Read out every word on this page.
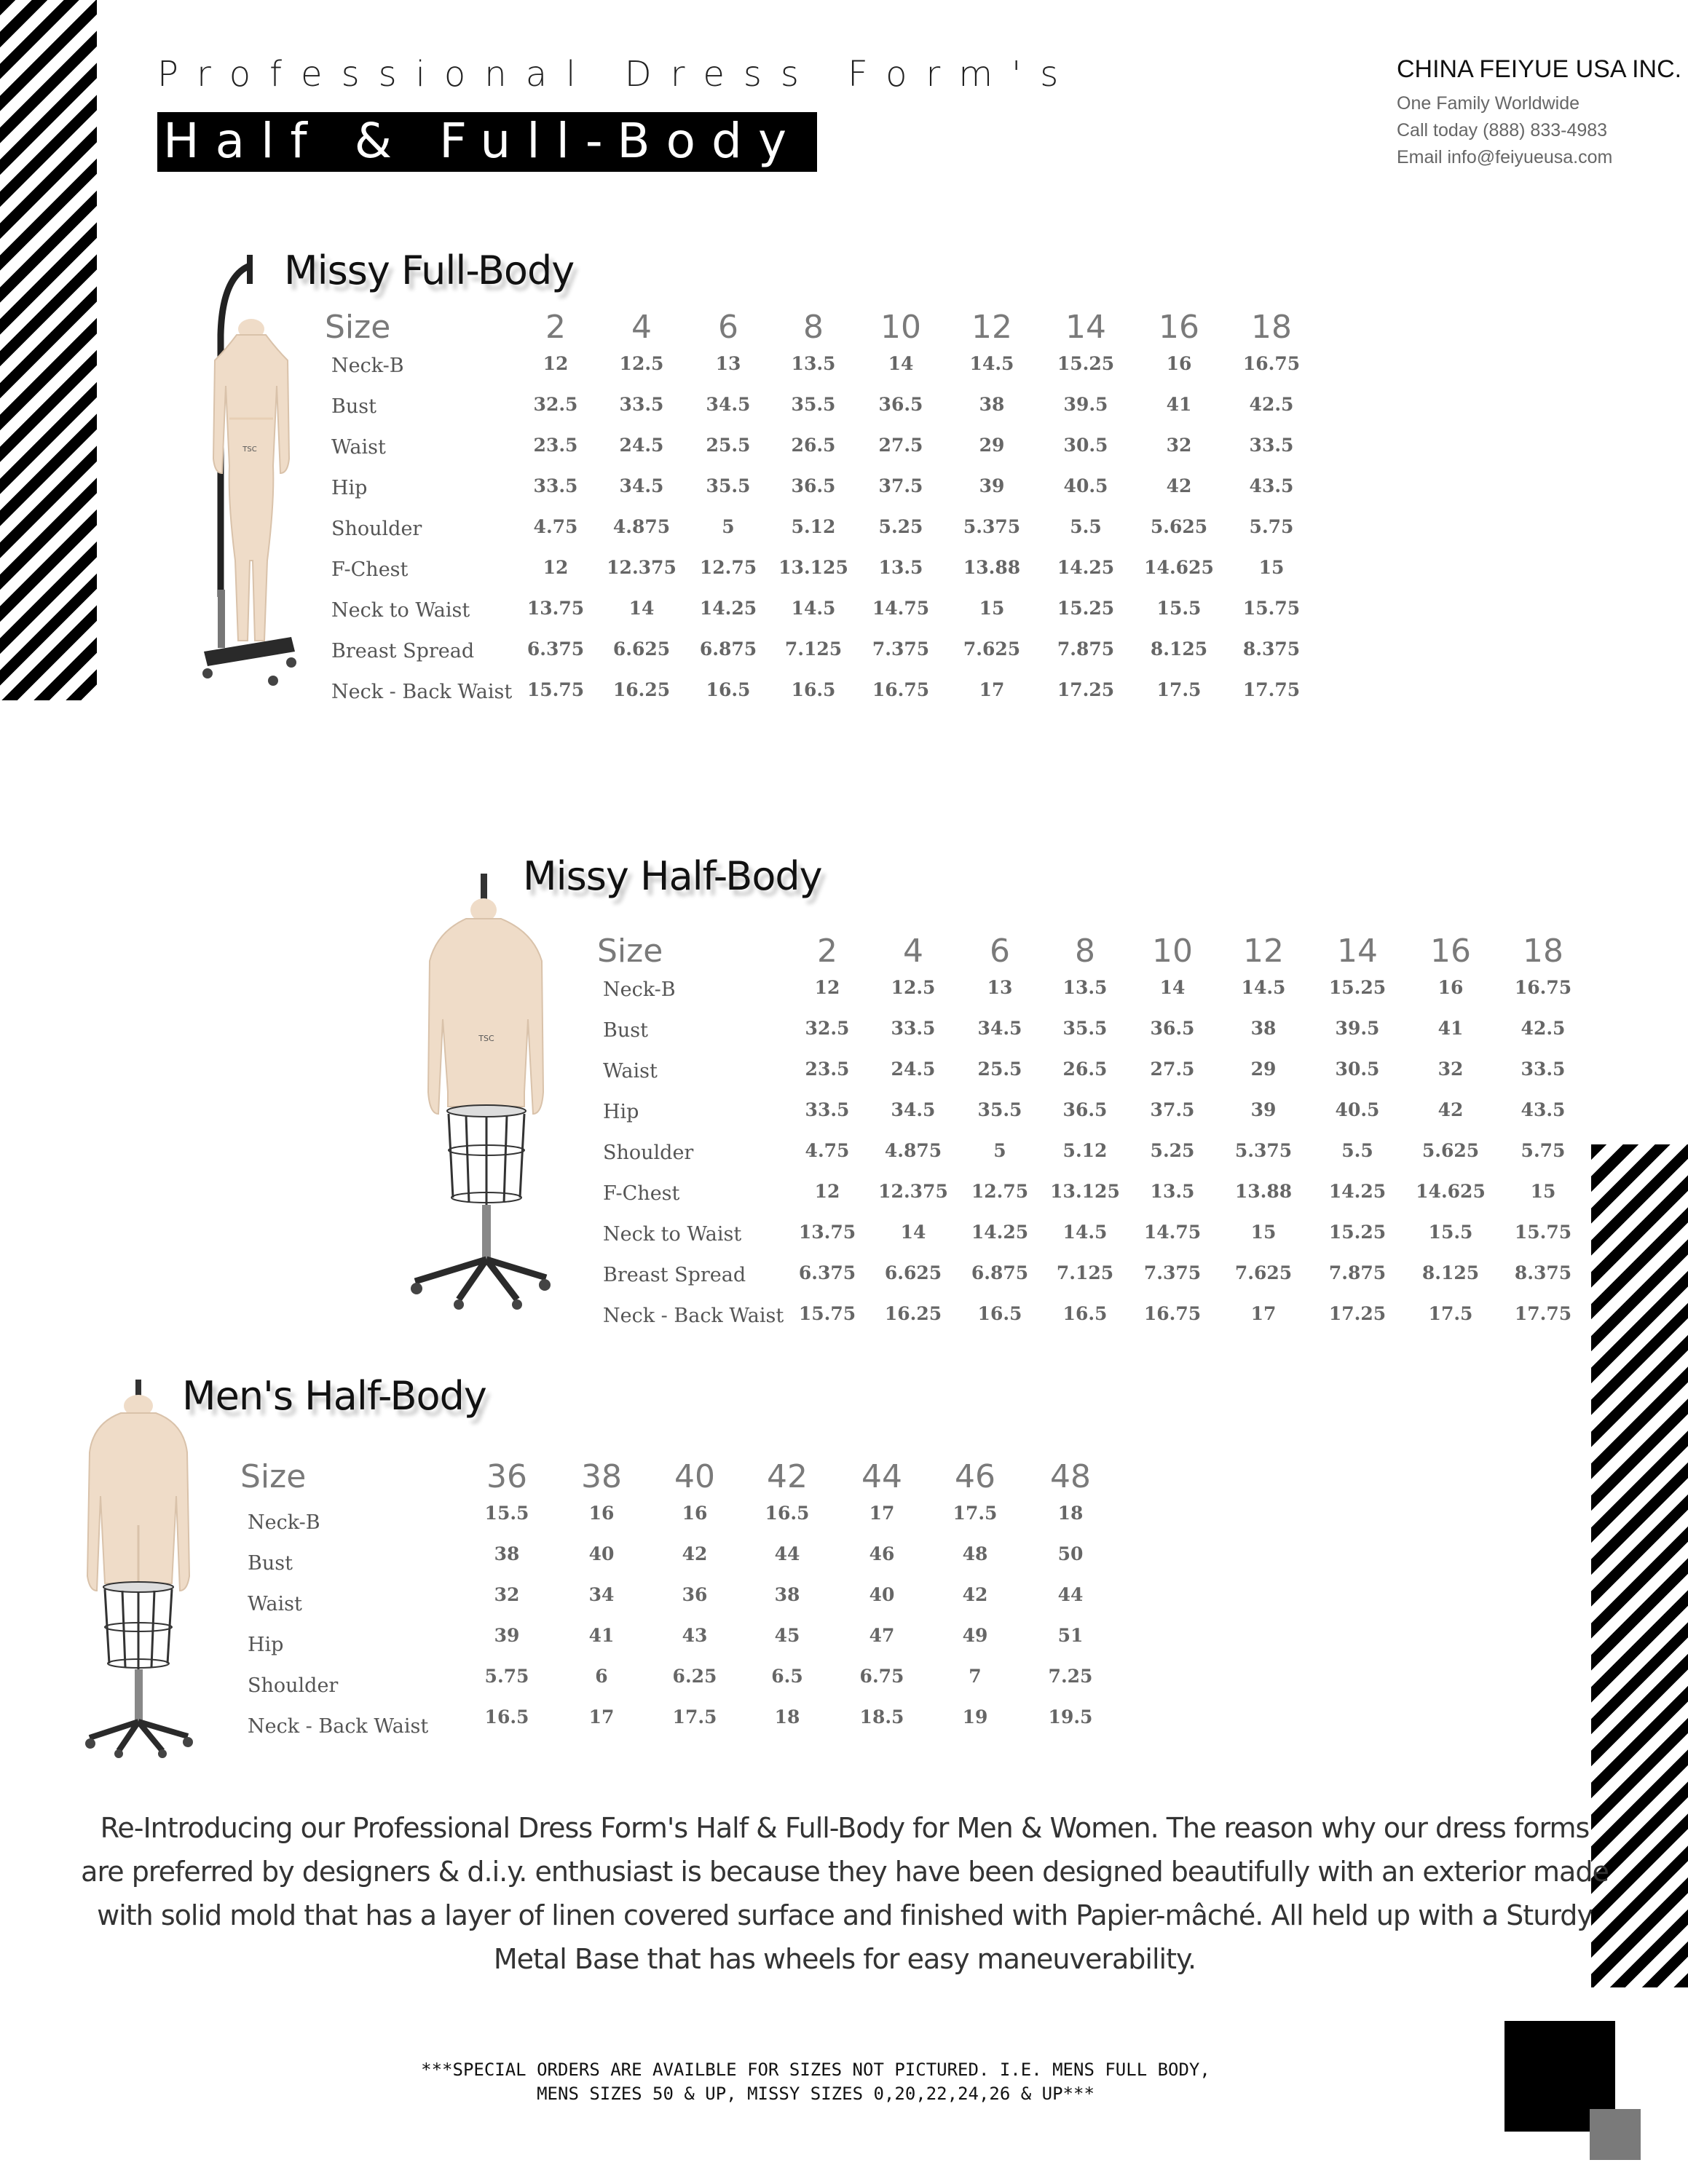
Professional Dress Form's
Half & Full-Body
CHINA FEIYUE USA INC.
One Family Worldwide
Call today (888) 833-4983
Email info@feiyueusa.com
TSC
Missy Full-Body
Size	2	4	6	8	10	12	14	16	18
Neck-B	12	12.5	13	13.5	14	14.5	15.25	16	16.75
Bust	32.5	33.5	34.5	35.5	36.5	38	39.5	41	42.5
Waist	23.5	24.5	25.5	26.5	27.5	29	30.5	32	33.5
Hip	33.5	34.5	35.5	36.5	37.5	39	40.5	42	43.5
Shoulder	4.75	4.875	5	5.12	5.25	5.375	5.5	5.625	5.75
F-Chest	12	12.375	12.75	13.125	13.5	13.88	14.25	14.625	15
Neck to Waist	13.75	14	14.25	14.5	14.75	15	15.25	15.5	15.75
Breast Spread	6.375	6.625	6.875	7.125	7.375	7.625	7.875	8.125	8.375
Neck - Back Waist 15.75	16.25	16.5	16.5	16.75	17	17.25	17.5	17.75
TSC
Missy Half-Body
Size	2	4	6	8	10	12	14	16	18
Neck-B	12	12.5	13	13.5	14	14.5	15.25	16	16.75
Bust	32.5	33.5	34.5	35.5	36.5	38	39.5	41	42.5
Waist	23.5	24.5	25.5	26.5	27.5	29	30.5	32	33.5
Hip	33.5	34.5	35.5	36.5	37.5	39	40.5	42	43.5
Shoulder	4.75	4.875	5	5.12	5.25	5.375	5.5	5.625	5.75
F-Chest	12	12.375	12.75	13.125	13.5	13.88	14.25	14.625	15
Neck to Waist	13.75	14	14.25	14.5	14.75	15	15.25	15.5	15.75
Breast Spread	6.375	6.625	6.875	7.125	7.375	7.625	7.875	8.125	8.375
Neck - Back Waist 15.75	16.25	16.5	16.5	16.75	17	17.25	17.5	17.75
Men's Half-Body
Size	36	38	40	42	44	46	48
Neck-B	15.5	16	16	16.5	17	17.5	18
Bust	38	40	42	44	46	48	50
Waist	32	34	36	38	40	42	44
Hip	39	41	43	45	47	49	51
Shoulder	5.75	6	6.25	6.5	6.75	7	7.25
Neck - Back Waist	16.5	17	17.5	18	18.5	19	19.5
Re-Introducing our Professional Dress Form's Half & Full-Body for Men & Women. The reason why our dress forms are preferred by designers & d.i.y. enthusiast is because they have been designed beautifully with an exterior made with solid mold that has a layer of linen covered surface and finished with Papier-mâché. All held up with a Sturdy Metal Base that has wheels for easy maneuverability.
***SPECIAL ORDERS ARE AVAILBLE FOR SIZES NOT PICTURED. I.E. MENS FULL BODY,
MENS SIZES 50 & UP, MISSY SIZES 0,20,22,24,26 & UP***
